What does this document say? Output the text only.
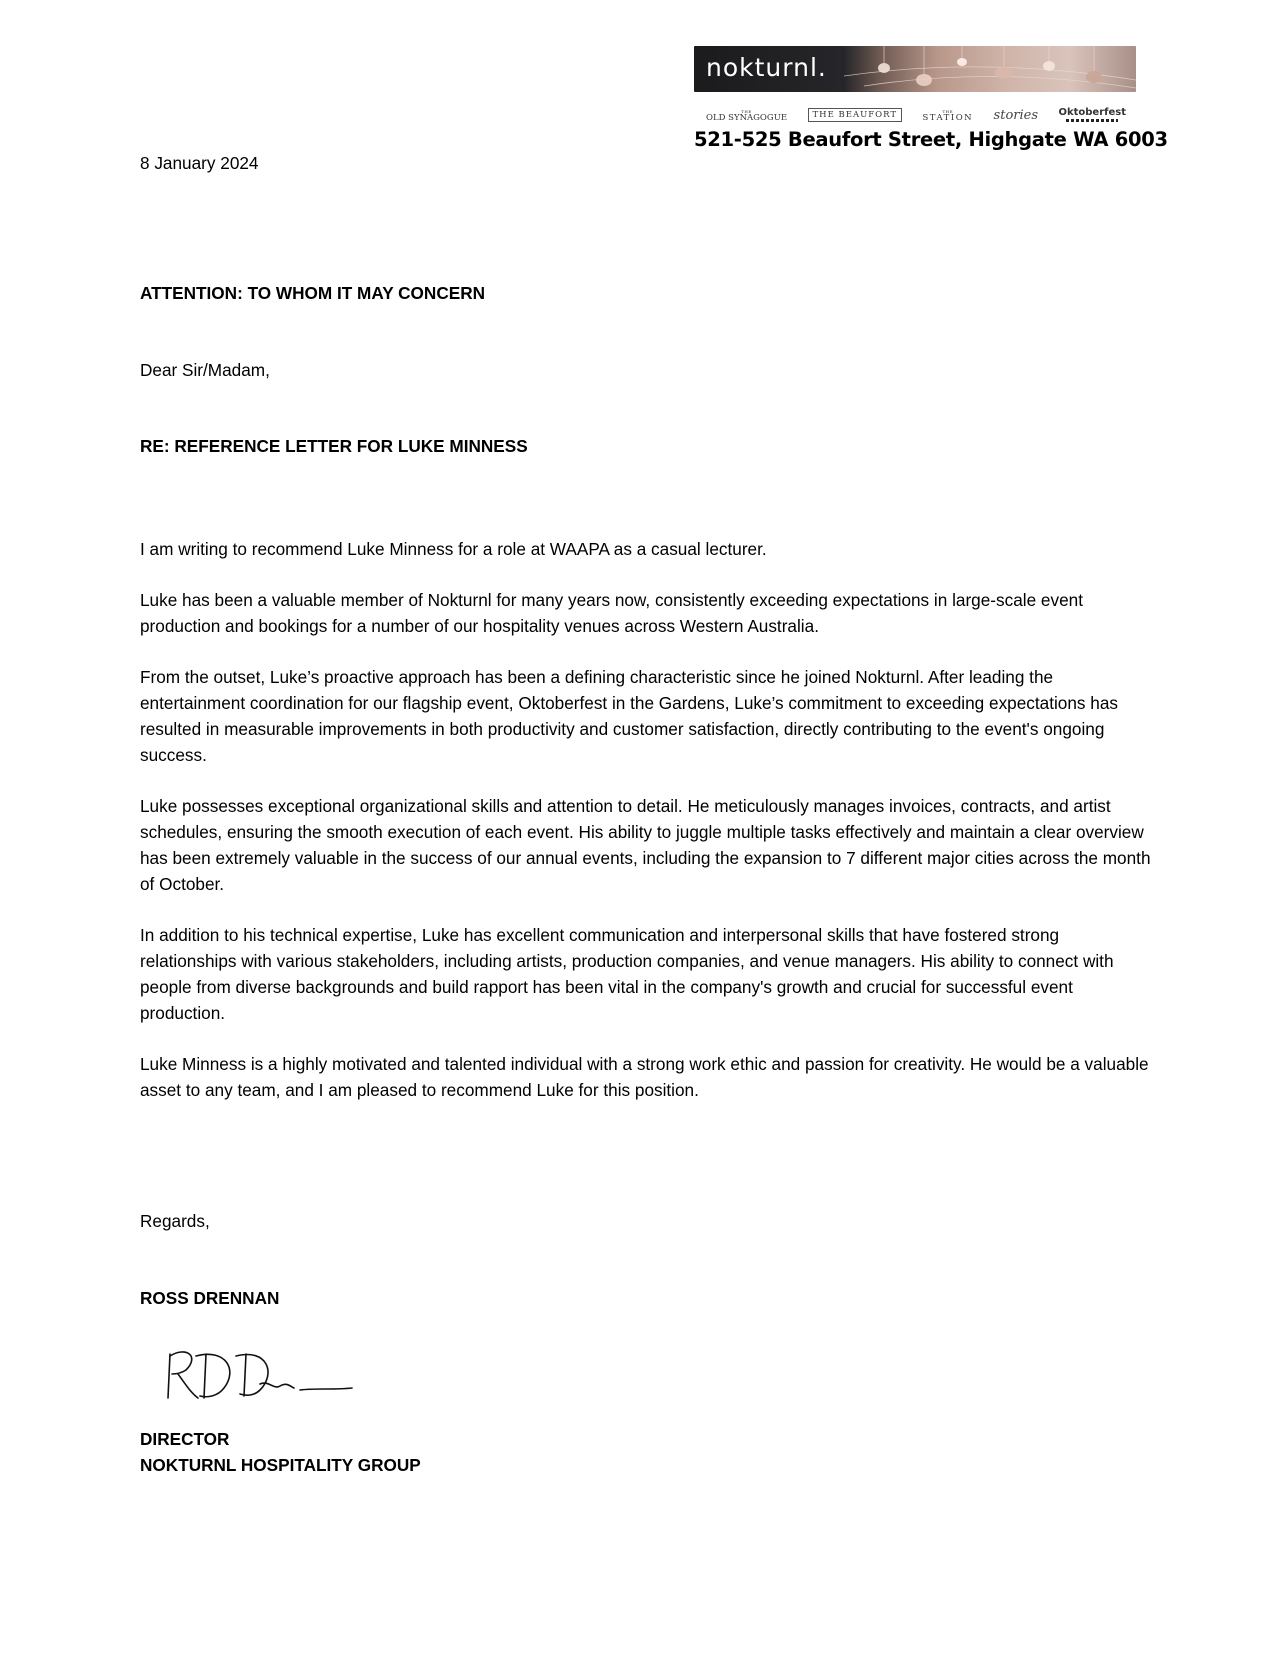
nokturnl.
THE
OLD SYNAGOGUE	THE BEAUFORT	THE
STATION stories Oktoberfest
521-525 Beaufort Street, Highgate WA 6003
8 January 2024
ATTENTION: TO WHOM IT MAY CONCERN
Dear Sir/Madam,
RE: REFERENCE LETTER FOR LUKE MINNESS

I am writing to recommend Luke Minness for a role at WAAPA as a casual lecturer.

Luke has been a valuable member of Nokturnl for many years now, consistently exceeding expectations in large-scale event production and bookings for a number of our hospitality venues across Western Australia.

From the outset, Luke’s proactive approach has been a defining characteristic since he joined Nokturnl. After leading the entertainment coordination for our flagship event, Oktoberfest in the Gardens, Luke’s commitment to exceeding expectations has resulted in measurable improvements in both productivity and customer satisfaction, directly contributing to the event's ongoing success.

Luke possesses exceptional organizational skills and attention to detail. He meticulously manages invoices, contracts, and artist schedules, ensuring the smooth execution of each event. His ability to juggle multiple tasks effectively and maintain a clear overview has been extremely valuable in the success of our annual events, including the expansion to 7 different major cities across the month of October.

In addition to his technical expertise, Luke has excellent communication and interpersonal skills that have fostered strong relationships with various stakeholders, including artists, production companies, and venue managers. His ability to connect with people from diverse backgrounds and build rapport has been vital in the company's growth and crucial for successful event production.

Luke Minness is a highly motivated and talented individual with a strong work ethic and passion for creativity. He would be a valuable asset to any team, and I am pleased to recommend Luke for this position.

Regards,
ROSS DRENNAN
DIRECTOR
NOKTURNL HOSPITALITY GROUP
